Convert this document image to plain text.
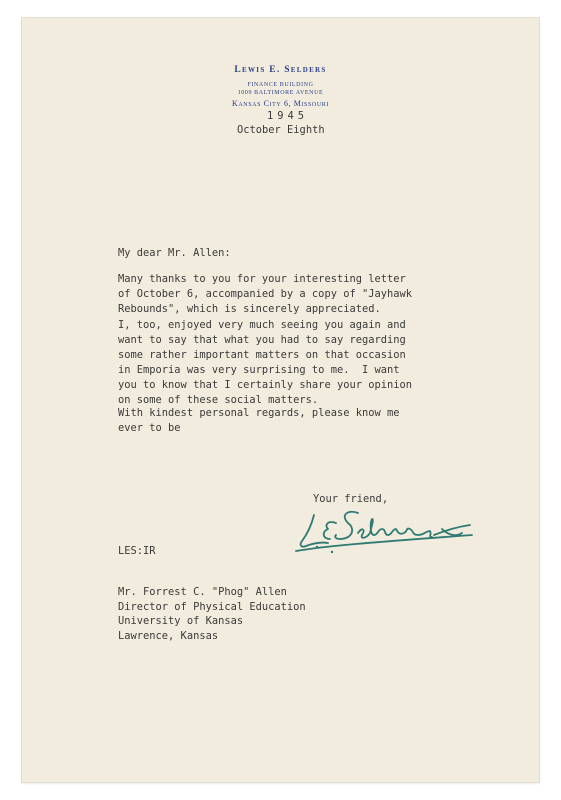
Lewis E. Selders
FINANCE BUILDING
1009 BALTIMORE AVENUE
Kansas City 6, Missouri
1945
October Eighth
My dear Mr. Allen:

Many thanks to you for your interesting letter
of October 6, accompanied by a copy of "Jayhawk
Rebounds", which is sincerely appreciated.

I, too, enjoyed very much seeing you again and
want to say that what you had to say regarding
some rather important matters on that occasion
in Emporia was very surprising to me.  I want
you to know that I certainly share your opinion
on some of these social matters.

With kindest personal regards, please know me
ever to be

Your friend,
LES:IR

Mr. Forrest C. "Phog" Allen
Director of Physical Education
University of Kansas
Lawrence, Kansas
